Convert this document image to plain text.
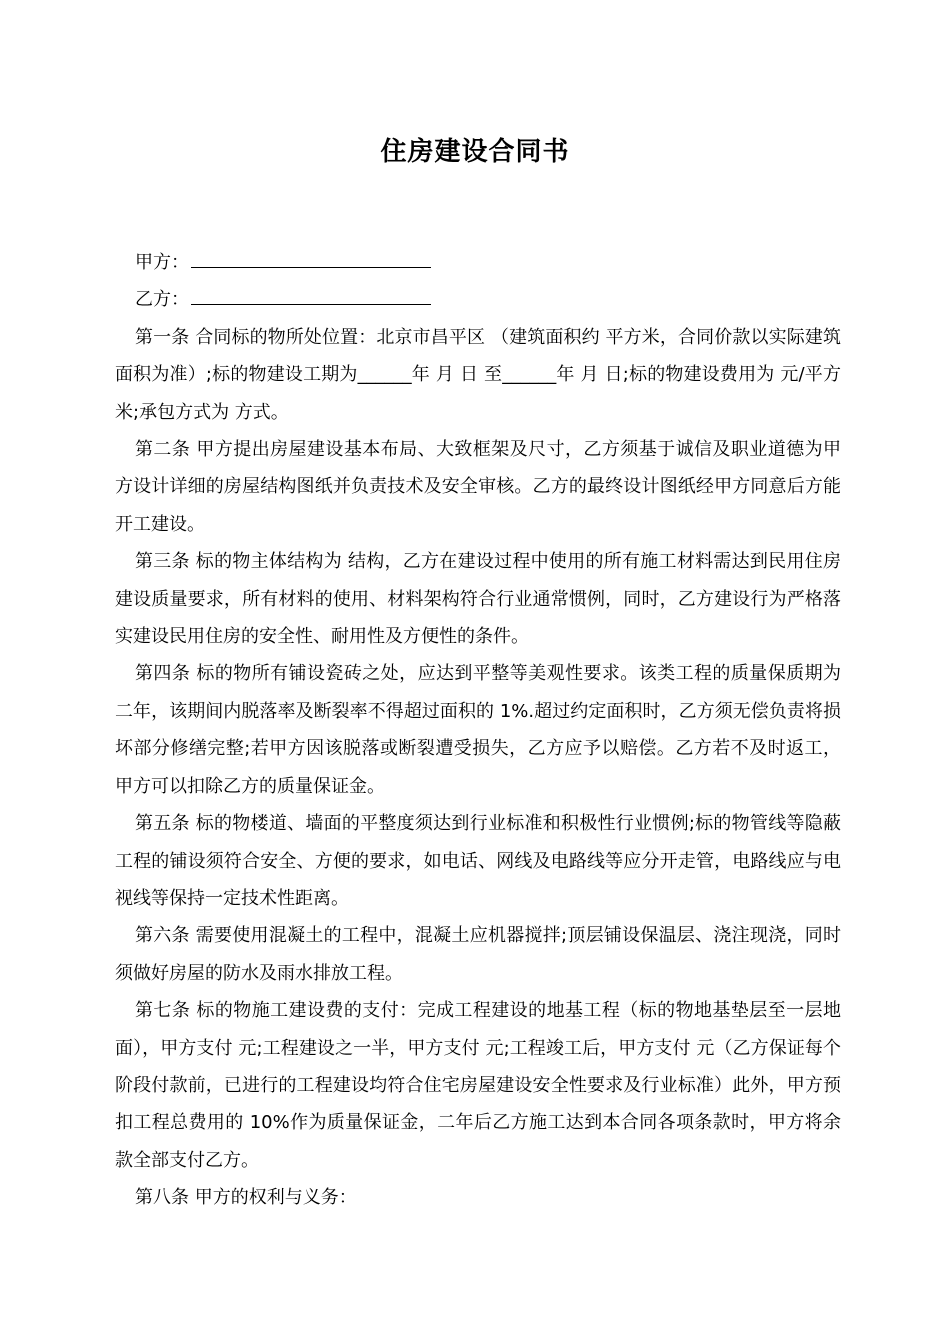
住房建设合同书

甲方：

乙方：

第一条 合同标的物所处位置：北京市昌平区 （建筑面积约 平方米，合同价款以实际建筑面积为准）;标的物建设工期为______年 月 日 至______年 月 日;标的物建设费用为 元/平方米;承包方式为 方式。

第二条 甲方提出房屋建设基本布局、大致框架及尺寸，乙方须基于诚信及职业道德为甲方设计详细的房屋结构图纸并负责技术及安全审核。乙方的最终设计图纸经甲方同意后方能开工建设。

第三条 标的物主体结构为 结构，乙方在建设过程中使用的所有施工材料需达到民用住房建设质量要求，所有材料的使用、材料架构符合行业通常惯例，同时，乙方建设行为严格落实建设民用住房的安全性、耐用性及方便性的条件。

第四条 标的物所有铺设瓷砖之处，应达到平整等美观性要求。该类工程的质量保质期为二年，该期间内脱落率及断裂率不得超过面积的 1%.超过约定面积时，乙方须无偿负责将损坏部分修缮完整;若甲方因该脱落或断裂遭受损失，乙方应予以赔偿。乙方若不及时返工，甲方可以扣除乙方的质量保证金。

第五条 标的物楼道、墙面的平整度须达到行业标准和积极性行业惯例;标的物管线等隐蔽工程的铺设须符合安全、方便的要求，如电话、网线及电路线等应分开走管，电路线应与电视线等保持一定技术性距离。

第六条 需要使用混凝土的工程中，混凝土应机器搅拌;顶层铺设保温层、浇注现浇，同时须做好房屋的防水及雨水排放工程。

第七条 标的物施工建设费的支付：完成工程建设的地基工程（标的物地基垫层至一层地面），甲方支付 元;工程建设之一半，甲方支付 元;工程竣工后，甲方支付 元（乙方保证每个阶段付款前，已进行的工程建设均符合住宅房屋建设安全性要求及行业标准）此外，甲方预扣工程总费用的 10%作为质量保证金，二年后乙方施工达到本合同各项条款时，甲方将余款全部支付乙方。

第八条 甲方的权利与义务：
